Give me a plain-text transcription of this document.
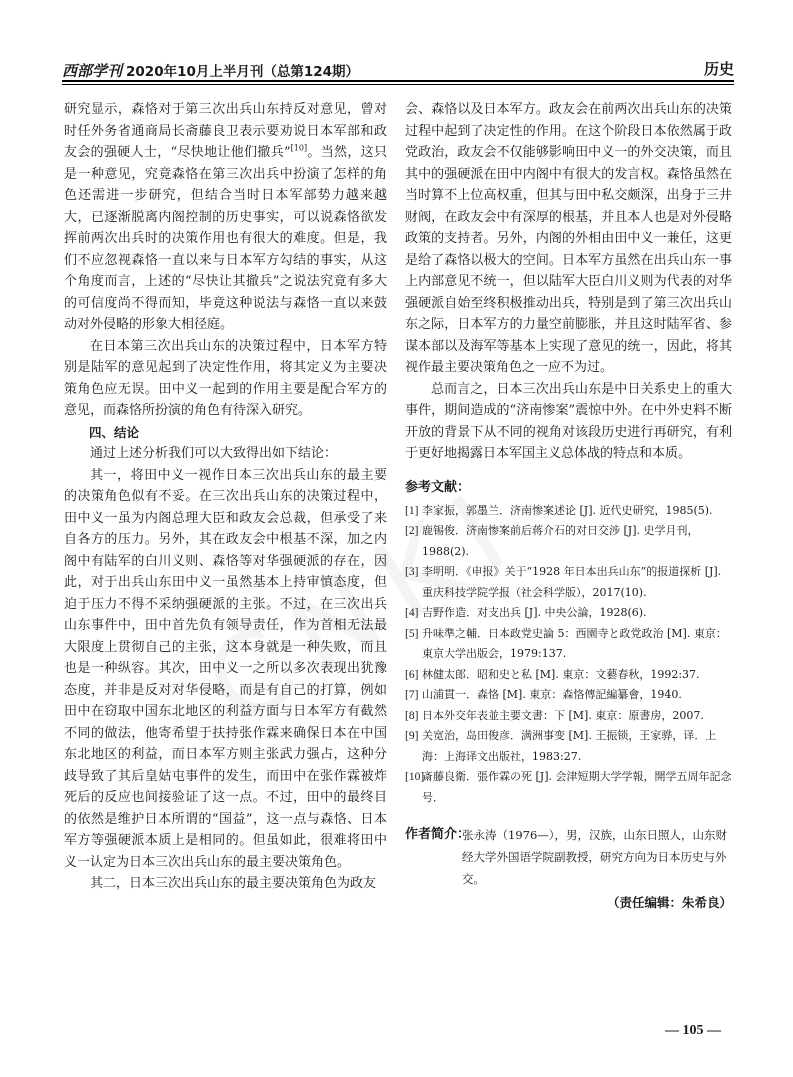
西部学刊 2020年10月上半月刊（总第124期）	历史

研究显示，森恪对于第三次出兵山东持反对意见，曾对时任外务省通商局长斋藤良卫表示要劝说日本军部和政友会的强硬人士，“尽快地让他们撤兵”[10]。当然，这只是一种意见，究竟森恪在第三次出兵中扮演了怎样的角色还需进一步研究，但结合当时日本军部势力越来越大，已逐渐脱离内阁控制的历史事实，可以说森恪欲发挥前两次出兵时的决策作用也有很大的难度。但是，我们不应忽视森恪一直以来与日本军方勾结的事实，从这个角度而言，上述的“尽快让其撤兵”之说法究竟有多大的可信度尚不得而知，毕竟这种说法与森恪一直以来鼓动对外侵略的形象大相径庭。

在日本第三次出兵山东的决策过程中，日本军方特别是陆军的意见起到了决定性作用，将其定义为主要决策角色应无误。田中义一起到的作用主要是配合军方的意见，而森恪所扮演的角色有待深入研究。

四、结论

通过上述分析我们可以大致得出如下结论：

其一，将田中义一视作日本三次出兵山东的最主要的决策角色似有不妥。在三次出兵山东的决策过程中，田中义一虽为内阁总理大臣和政友会总裁，但承受了来自各方的压力。另外，其在政友会中根基不深，加之内阁中有陆军的白川义则、森恪等对华强硬派的存在，因此，对于出兵山东田中义一虽然基本上持审慎态度，但迫于压力不得不采纳强硬派的主张。不过，在三次出兵山东事件中，田中首先负有领导责任，作为首相无法最大限度上贯彻自己的主张，这本身就是一种失败，而且也是一种纵容。其次，田中义一之所以多次表现出犹豫态度，并非是反对对华侵略，而是有自己的打算，例如田中在窃取中国东北地区的利益方面与日本军方有截然不同的做法，他寄希望于扶持张作霖来确保日本在中国东北地区的利益，而日本军方则主张武力强占，这种分歧导致了其后皇姑屯事件的发生，而田中在张作霖被炸死后的反应也间接验证了这一点。不过，田中的最终目的依然是维护日本所谓的“国益”，这一点与森恪、日本军方等强硬派本质上是相同的。但虽如此，很难将田中义一认定为日本三次出兵山东的最主要决策角色。

其二，日本三次出兵山东的最主要决策角色为政友

会、森恪以及日本军方。政友会在前两次出兵山东的决策过程中起到了决定性的作用。在这个阶段日本依然属于政党政治，政友会不仅能够影响田中义一的外交决策，而且其中的强硬派在田中内阁中有很大的发言权。森恪虽然在当时算不上位高权重，但其与田中私交颇深，出身于三井财阀，在政友会中有深厚的根基，并且本人也是对外侵略政策的支持者。另外，内阁的外相由田中义一兼任，这更是给了森恪以极大的空间。日本军方虽然在出兵山东一事上内部意见不统一，但以陆军大臣白川义则为代表的对华强硬派自始至终积极推动出兵，特别是到了第三次出兵山东之际，日本军方的力量空前膨胀，并且这时陆军省、参谋本部以及海军等基本上实现了意见的统一，因此，将其视作最主要决策角色之一应不为过。

总而言之，日本三次出兵山东是中日关系史上的重大事件，期间造成的“济南惨案”震惊中外。在中外史料不断开放的背景下从不同的视角对该段历史进行再研究，有利于更好地揭露日本军国主义总体战的特点和本质。

参考文献：
[1] 李家振，郭墨兰．济南惨案述论 [J]. 近代史研究，1985(5).
[2] 鹿锡俊．济南惨案前后蒋介石的对日交涉 [J]. 史学月刊，1988(2).
[3] 李明明．《申报》关于“1928 年日本出兵山东”的报道探析 [J]. 重庆科技学院学报（社会科学版），2017(10).
[4] 吉野作造．对支出兵 [J]. 中央公論，1928(6).
[5] 升味準之輔．日本政党史論 5：西園寺と政党政治 [M]. 東京：東京大学出版会，1979:137.
[6] 林健太郎．昭和史と私 [M]. 東京：文藝春秋，1992:37.
[7] 山浦貫一．森恪 [M]. 東京：森恪傳記編纂會，1940.
[8] 日本外交年表並主要文書：下 [M]. 東京：原書房，2007.
[9] 关宽治，岛田俊彦．满洲事变 [M]. 王振锁，王家骅，译．上海：上海译文出版社，1983:27.
[10]
斎藤良衛．張作霖の死 [J]. 会津短期大学学報，開学五周年記念号．
作者简介：
张永涛（1976—），男，汉族，山东日照人，山东财经大学外国语学院副教授，研究方向为日本历史与外交。
（责任编辑：朱希良）
— 105 —
